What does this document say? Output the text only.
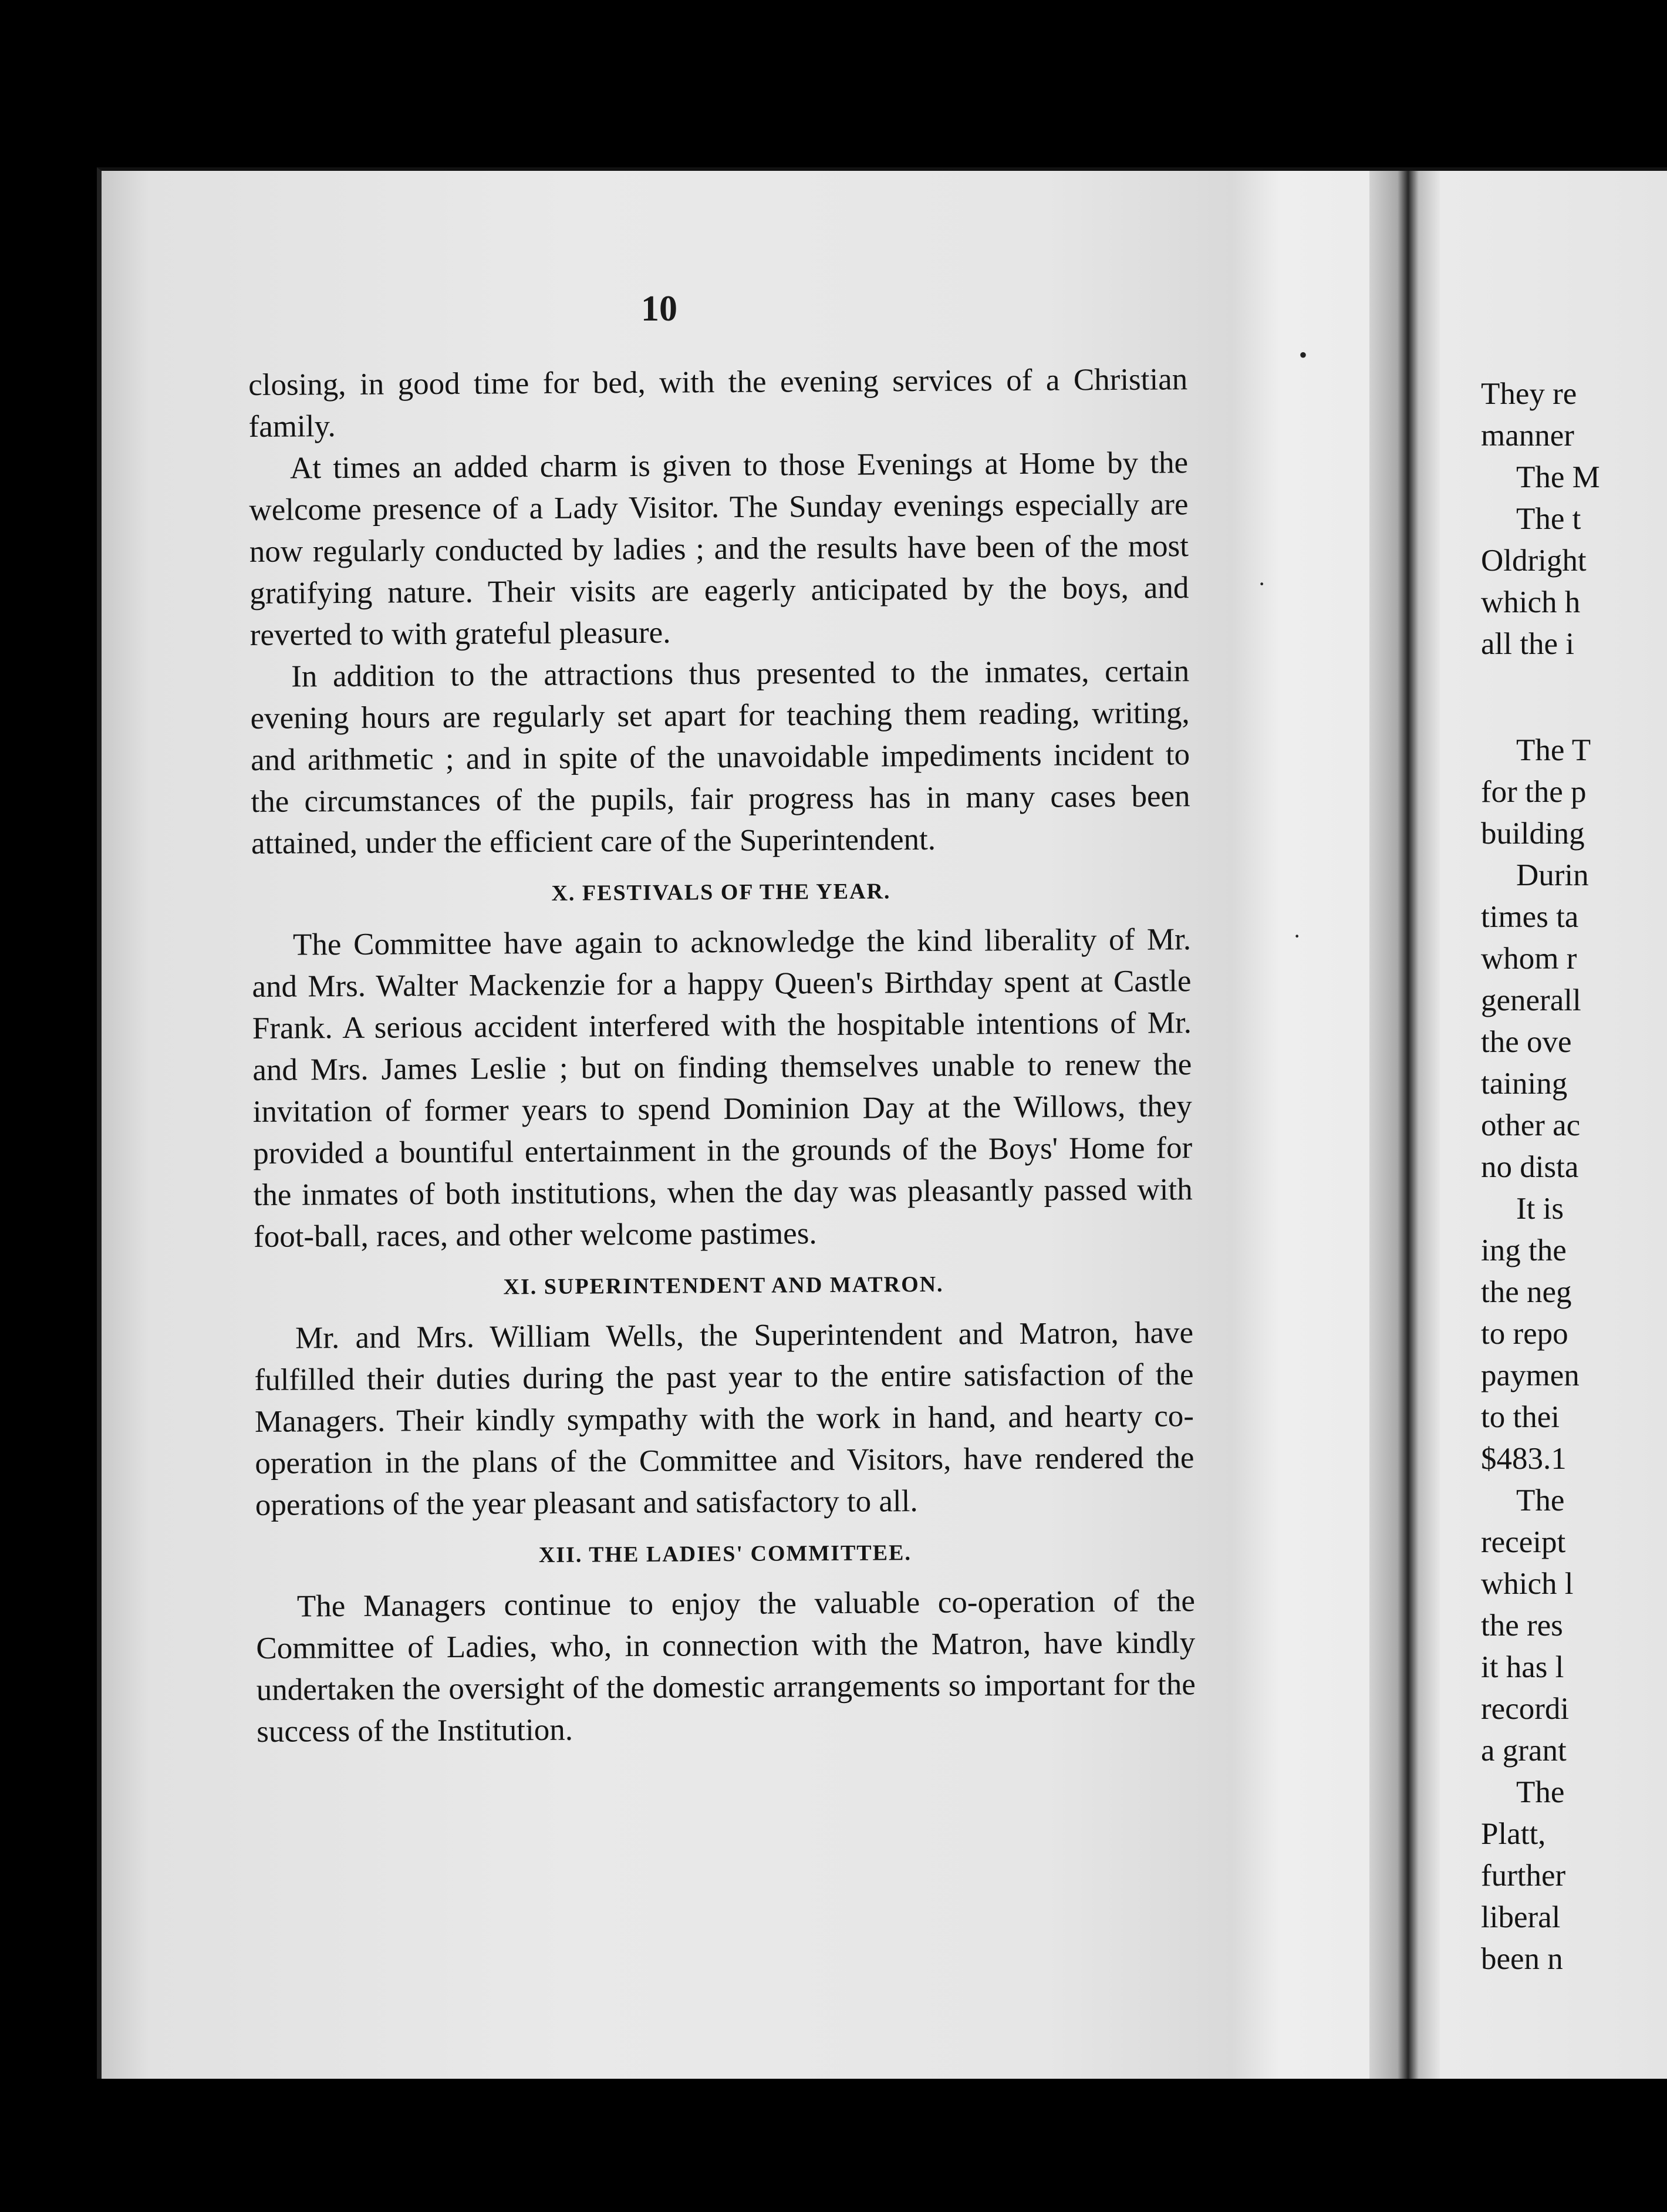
10

closing, in good time for bed, with the evening services of a Christian family.

At times an added charm is given to those Evenings at Home by the welcome presence of a Lady Visitor. The Sunday evenings especially are now regularly conducted by ladies ; and the results have been of the most gratifying nature. Their visits are eagerly anticipated by the boys, and reverted to with grateful pleasure.

In addition to the attractions thus presented to the inmates, certain evening hours are regularly set apart for teaching them reading, writing, and arithmetic ; and in spite of the unavoidable impediments incident to the circumstances of the pupils, fair progress has in many cases been attained, under the efficient care of the Superintendent.

X. FESTIVALS OF THE YEAR.

The Committee have again to acknowledge the kind liberality of Mr. and Mrs. Walter Mackenzie for a happy Queen's Birthday spent at Castle Frank. A serious accident interfered with the hospitable intentions of Mr. and Mrs. James Leslie ; but on finding themselves unable to renew the invitation of former years to spend Dominion Day at the Willows, they provided a bountiful entertainment in the grounds of the Boys' Home for the inmates of both institutions, when the day was pleasantly passed with foot-ball, races, and other welcome pastimes.

XI. SUPERINTENDENT AND MATRON.

Mr. and Mrs. William Wells, the Superintendent and Matron, have fulfilled their duties during the past year to the entire satisfaction of the Managers. Their kindly sympathy with the work in hand, and hearty co-operation in the plans of the Committee and Visitors, have rendered the operations of the year pleasant and satisfactory to all.

XII. THE LADIES' COMMITTEE.

The Managers continue to enjoy the valuable co-operation of the Committee of Ladies, who, in connection with the Matron, have kindly undertaken the oversight of the domestic arrangements so important for the success of the Institution.

•
·
·
They re
manner
The M
The t
Oldright
which h
all the i
The T
for the p
building
Durin
times ta
whom r
generall
the ove
taining
other ac
no dista
It is
ing the
the neg
to repo
paymen
to thei
$483.1
The
receipt
which l
the res
it has l
recordi
a grant
The
Platt,
further
liberal
been n
